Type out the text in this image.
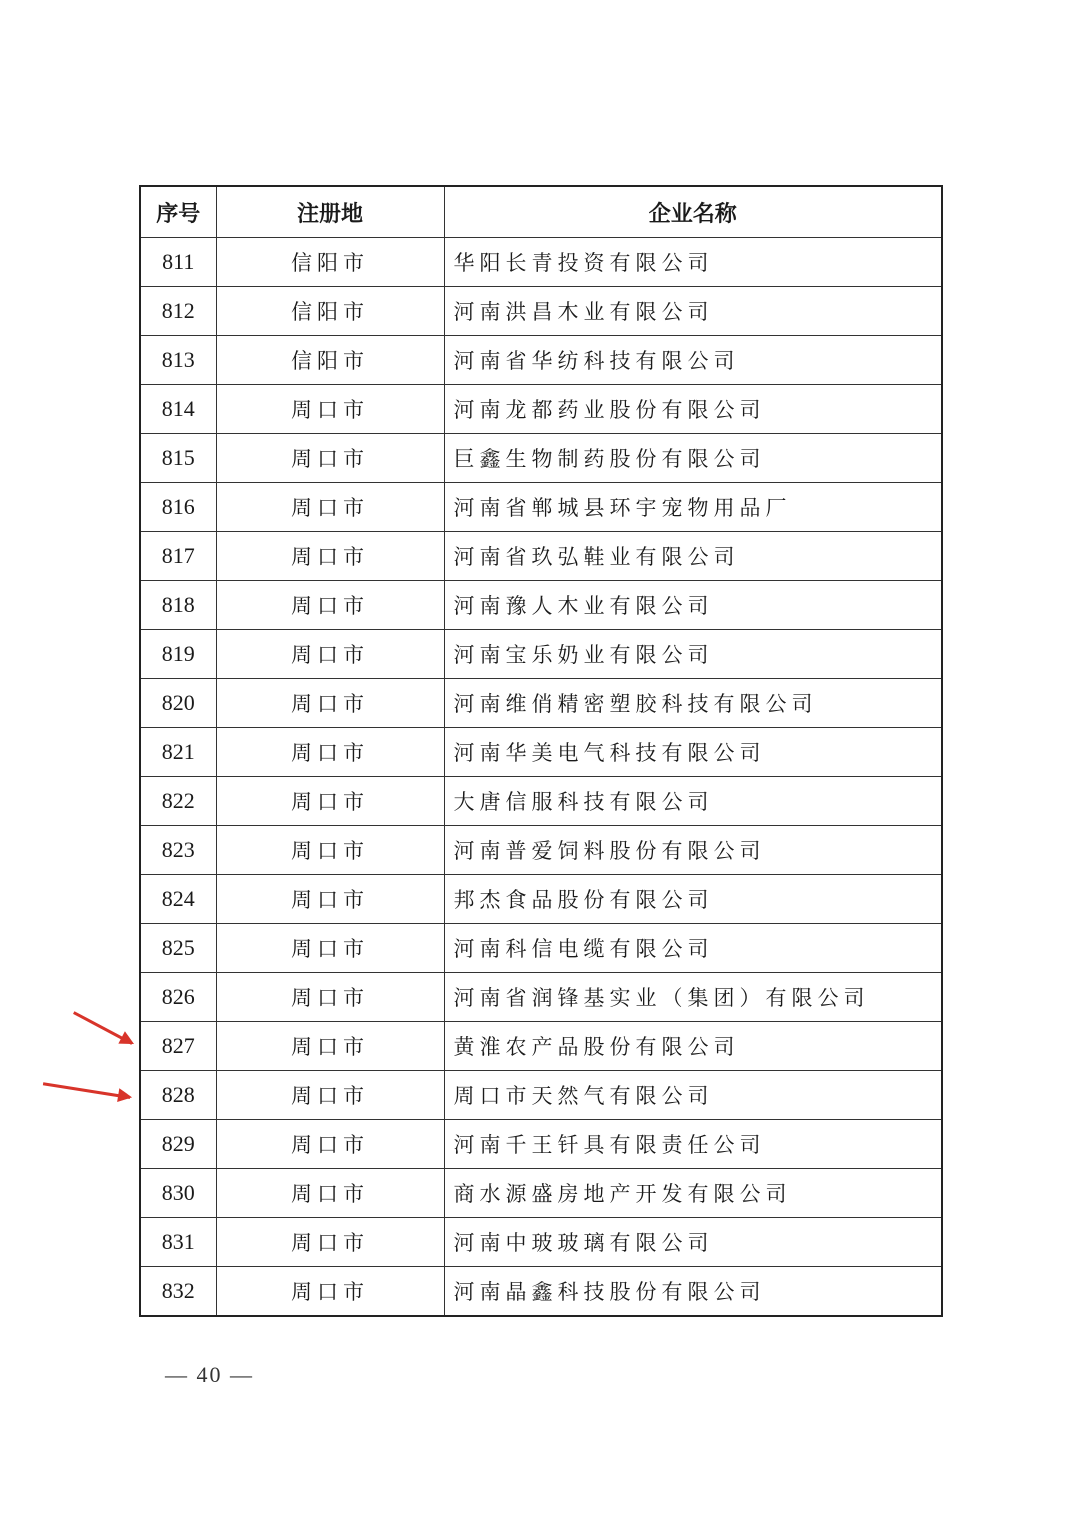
序号	注册地	企业名称
811	信阳市	华阳长青投资有限公司
812	信阳市	河南洪昌木业有限公司
813	信阳市	河南省华纺科技有限公司
814	周口市	河南龙都药业股份有限公司
815	周口市	巨鑫生物制药股份有限公司
816	周口市	河南省郸城县环宇宠物用品厂
817	周口市	河南省玖弘鞋业有限公司
818	周口市	河南豫人木业有限公司
819	周口市	河南宝乐奶业有限公司
820	周口市	河南维俏精密塑胶科技有限公司
821	周口市	河南华美电气科技有限公司
822	周口市	大唐信服科技有限公司
823	周口市	河南普爱饲料股份有限公司
824	周口市	邦杰食品股份有限公司
825	周口市	河南科信电缆有限公司
826	周口市	河南省润锋基实业（集团）有限公司
827	周口市	黄淮农产品股份有限公司
828	周口市	周口市天然气有限公司
829	周口市	河南千王钎具有限责任公司
830	周口市	商水源盛房地产开发有限公司
831	周口市	河南中玻玻璃有限公司
832	周口市	河南晶鑫科技股份有限公司
— 40 —
